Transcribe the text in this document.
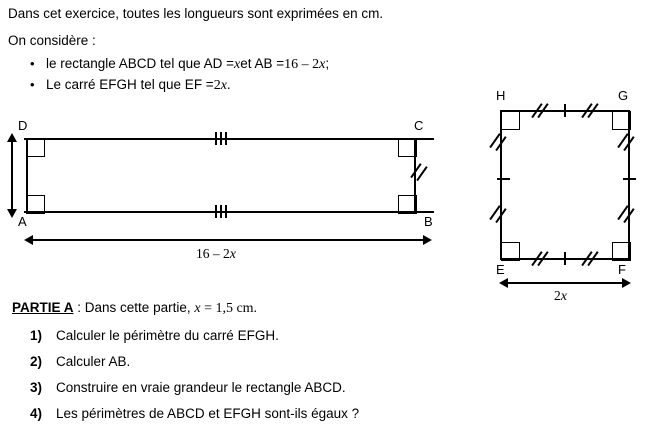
Dans cet exercice, toutes les longueurs sont exprimées en cm.
On considère :
• le rectangle ABCD tel que AD = x et AB = 16 – 2 x ;
• Le carré EFGH tel que EF = 2 x .
D	C
A	B
16 – 2x
H	G
E	F
2x
PARTIE A : Dans cette partie, x = 1,5 cm.
1)	Calculer le périmètre du carré EFGH.
2)	Calculer AB.
3)	Construire en vraie grandeur le rectangle ABCD.
4)	Les périmètres de ABCD et EFGH sont-ils égaux ?
